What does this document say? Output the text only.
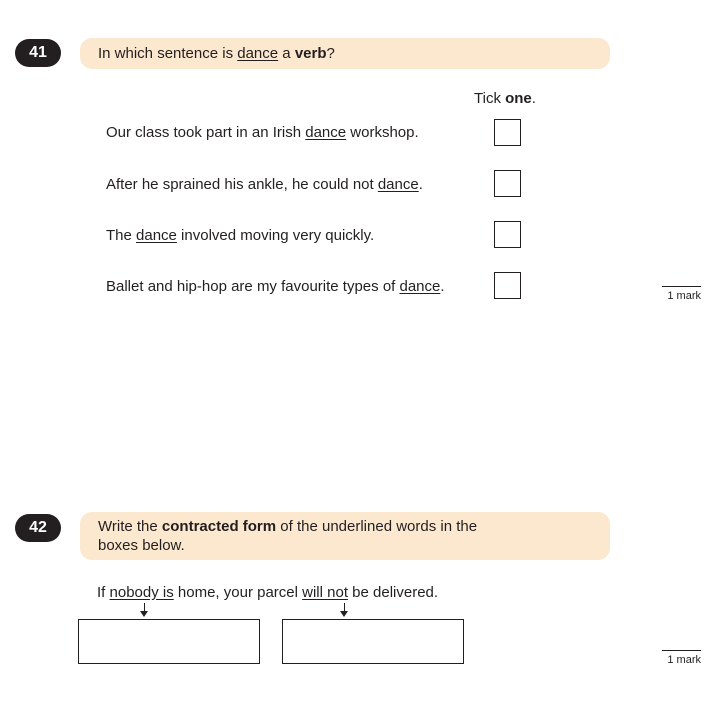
41	In which sentence is dance a verb?
Tick one.
Our class took part in an Irish dance workshop.
After he sprained his ankle, he could not dance.
The dance involved moving very quickly.
Ballet and hip-hop are my favourite types of dance.
1 mark
42	Write the contracted form of the underlined words in the
boxes below.
If nobody is home, your parcel will not be delivered.
1 mark
